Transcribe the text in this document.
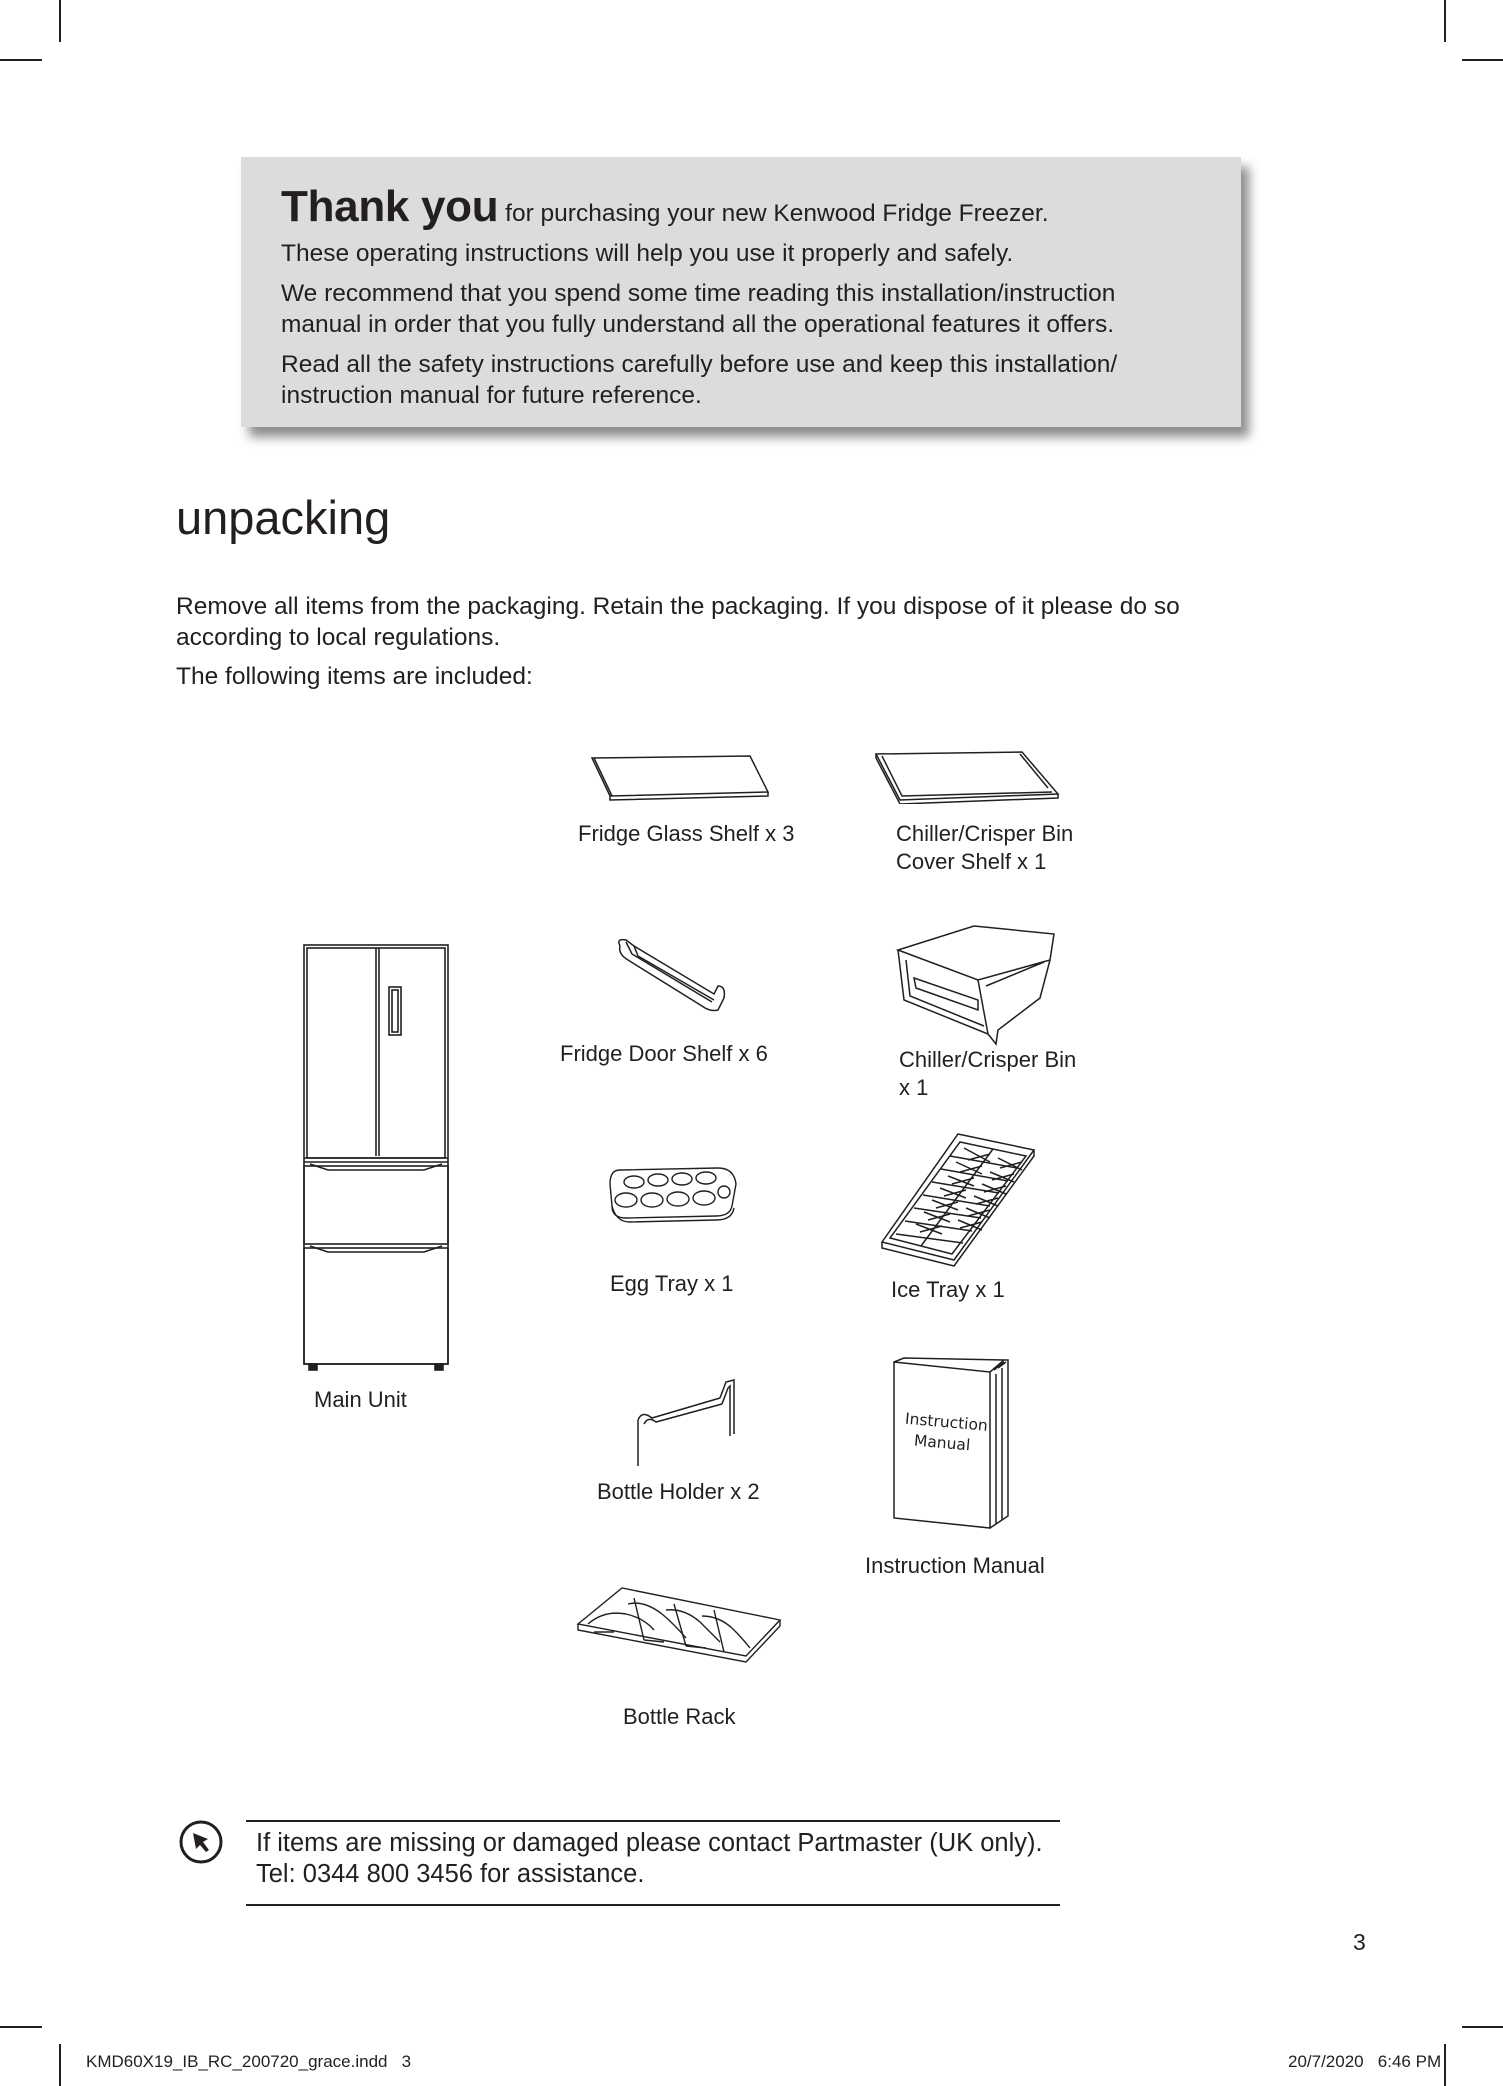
Thank you for purchasing your new Kenwood Fridge Freezer.

These operating instructions will help you use it properly and safely.

We recommend that you spend some time reading this installation/instruction manual in order that you fully understand all the operational features it offers.

Read all the safety instructions carefully before use and keep this installation/ instruction manual for future reference.

unpacking

Remove all items from the packaging. Retain the packaging. If you dispose of it please do so according to local regulations.

The following items are included:

Main Unit

Fridge Glass Shelf x 3	Chiller/Crisper Bin

Cover Shelf x 1

Fridge Door Shelf x 6	Chiller/Crisper Bin

x 1

Egg Tray x 1	Ice Tray x 1

Bottle Holder x 2

Instruction
Manual

Instruction Manual

Bottle Rack

If items are missing or damaged please contact Partmaster (UK only).
Tel: 0344 800 3456 for assistance.

3

KMD60X19_IB_RC_200720_grace.indd   3	20/7/2020   6:46 PM
